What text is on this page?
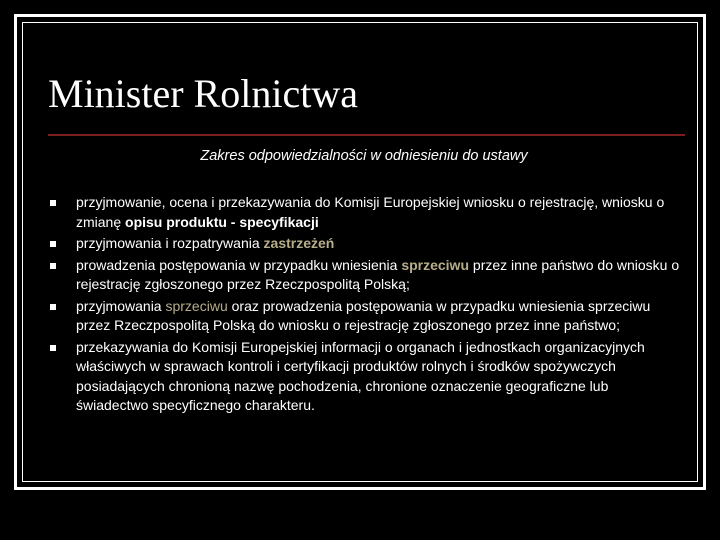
Minister Rolnictwa
Zakres odpowiedzialności w odniesieniu do ustawy
przyjmowanie, ocena i przekazywania do Komisji Europejskiej wniosku o rejestrację, wniosku o zmianę opisu produktu - specyfikacji
przyjmowania i rozpatrywania zastrzeżeń
prowadzenia postępowania w przypadku wniesienia sprzeciwu przez inne państwo do wniosku o rejestrację zgłoszonego przez Rzeczpospolitą Polską;
przyjmowania sprzeciwu oraz prowadzenia postępowania w przypadku wniesienia sprzeciwu przez Rzeczpospolitą Polską do wniosku o rejestrację zgłoszonego przez inne państwo;
przekazywania do Komisji Europejskiej informacji o organach i jednostkach organizacyjnych właściwych w sprawach kontroli i certyfikacji produktów rolnych i środków spożywczych posiadających chronioną nazwę pochodzenia, chronione oznaczenie geograficzne lub świadectwo specyficznego charakteru.
